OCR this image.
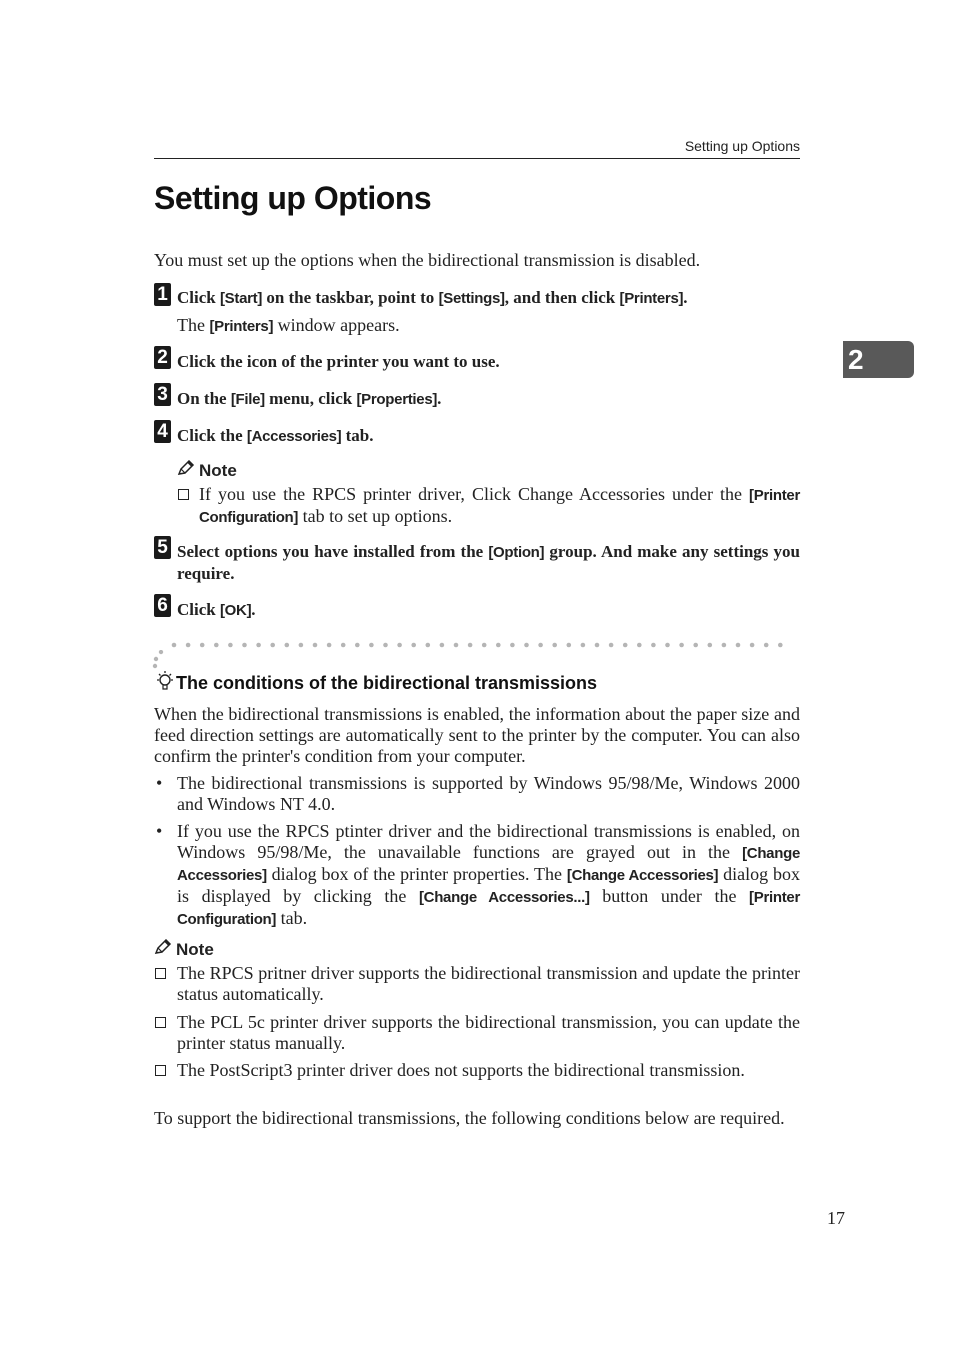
Setting up Options
2
Setting up Options
You must set up the options when the bidirectional transmission is disabled.
1 Click [Start] on the taskbar, point to [Settings], and then click [Printers].
The [Printers] window appears.
2 Click the icon of the printer you want to use.
3 On the [File] menu, click [Properties].
4 Click the [Accessories] tab.
Note
If you use the RPCS printer driver, Click Change Accessories under the [Printer Configuration] tab to set up options.
5 Select options you have installed from the [Option] group. And make any settings you require.
6 Click [OK].
The conditions of the bidirectional transmissions
When the bidirectional transmissions is enabled, the information about the paper size and feed direction settings are automatically sent to the printer by the computer. You can also confirm the printer's condition from your computer.
• The bidirectional transmissions is supported by Windows 95/98/Me, Windows 2000 and Windows NT 4.0.
• If you use the RPCS ptinter driver and the bidirectional transmissions is enabled, on Windows 95/98/Me, the unavailable functions are grayed out in the [Change Accessories] dialog box of the printer properties. The [Change Accessories] dialog box is displayed by clicking the [Change Accessories...] button under the [Printer Configuration] tab.
Note
The RPCS pritner driver supports the bidirectional transmission and update the printer status automatically.
The PCL 5c printer driver supports the bidirectional transmission, you can update the printer status manually.
The PostScript3 printer driver does not supports the bidirectional transmission.
To support the bidirectional transmissions, the following conditions below are required.
17
